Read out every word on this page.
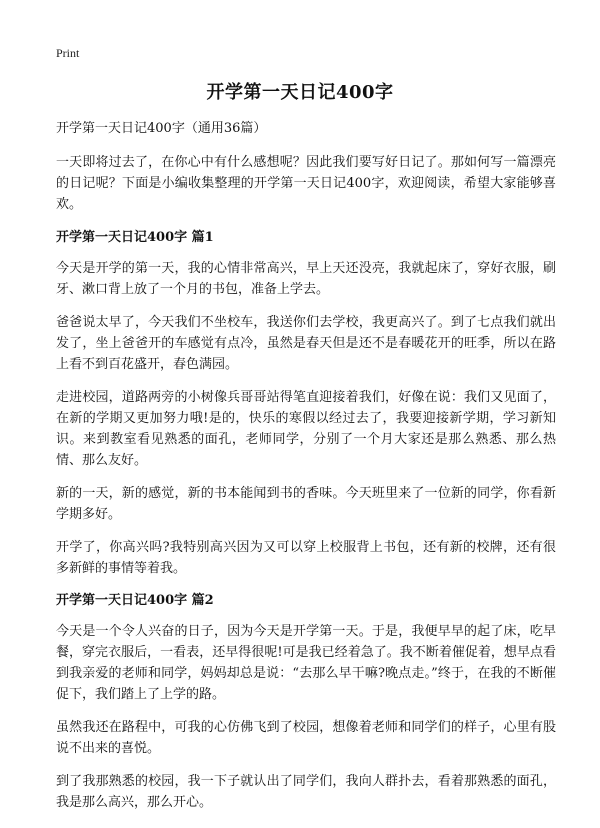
Print
开学第一天日记400字
开学第一天日记400字（通用36篇）

一天即将过去了，在你心中有什么感想呢？因此我们要写好日记了。那如何写一篇漂亮的日记呢？下面是小编收集整理的开学第一天日记400字，欢迎阅读，希望大家能够喜欢。

开学第一天日记400字 篇1

今天是开学的第一天，我的心情非常高兴，早上天还没亮，我就起床了，穿好衣服，刷牙、漱口背上放了一个月的书包，准备上学去。

爸爸说太早了，今天我们不坐校车，我送你们去学校，我更高兴了。到了七点我们就出发了，坐上爸爸开的车感觉有点冷，虽然是春天但是还不是春暖花开的旺季，所以在路上看不到百花盛开，春色满园。

走进校园，道路两旁的小树像兵哥哥站得笔直迎接着我们，好像在说：我们又见面了，在新的学期又更加努力哦!是的，快乐的寒假以经过去了，我要迎接新学期，学习新知识。来到教室看见熟悉的面孔，老师同学，分别了一个月大家还是那么熟悉、那么热情、那么友好。

新的一天，新的感觉，新的书本能闻到书的香味。今天班里来了一位新的同学，你看新学期多好。

开学了，你高兴吗?我特别高兴因为又可以穿上校服背上书包，还有新的校牌，还有很多新鲜的事情等着我。

开学第一天日记400字 篇2

今天是一个令人兴奋的日子，因为今天是开学第一天。于是，我便早早的起了床，吃早餐，穿完衣服后，一看表，还早得很呢!可是我已经着急了。我不断着催促着，想早点看到我亲爱的老师和同学，妈妈却总是说：“去那么早干嘛?晚点走。”终于，在我的不断催促下，我们踏上了上学的路。

虽然我还在路程中，可我的心仿佛飞到了校园，想像着老师和同学们的样子，心里有股说不出来的喜悦。

到了我那熟悉的校园，我一下子就认出了同学们，我向人群扑去，看着那熟悉的面孔，我是那么高兴，那么开心。
